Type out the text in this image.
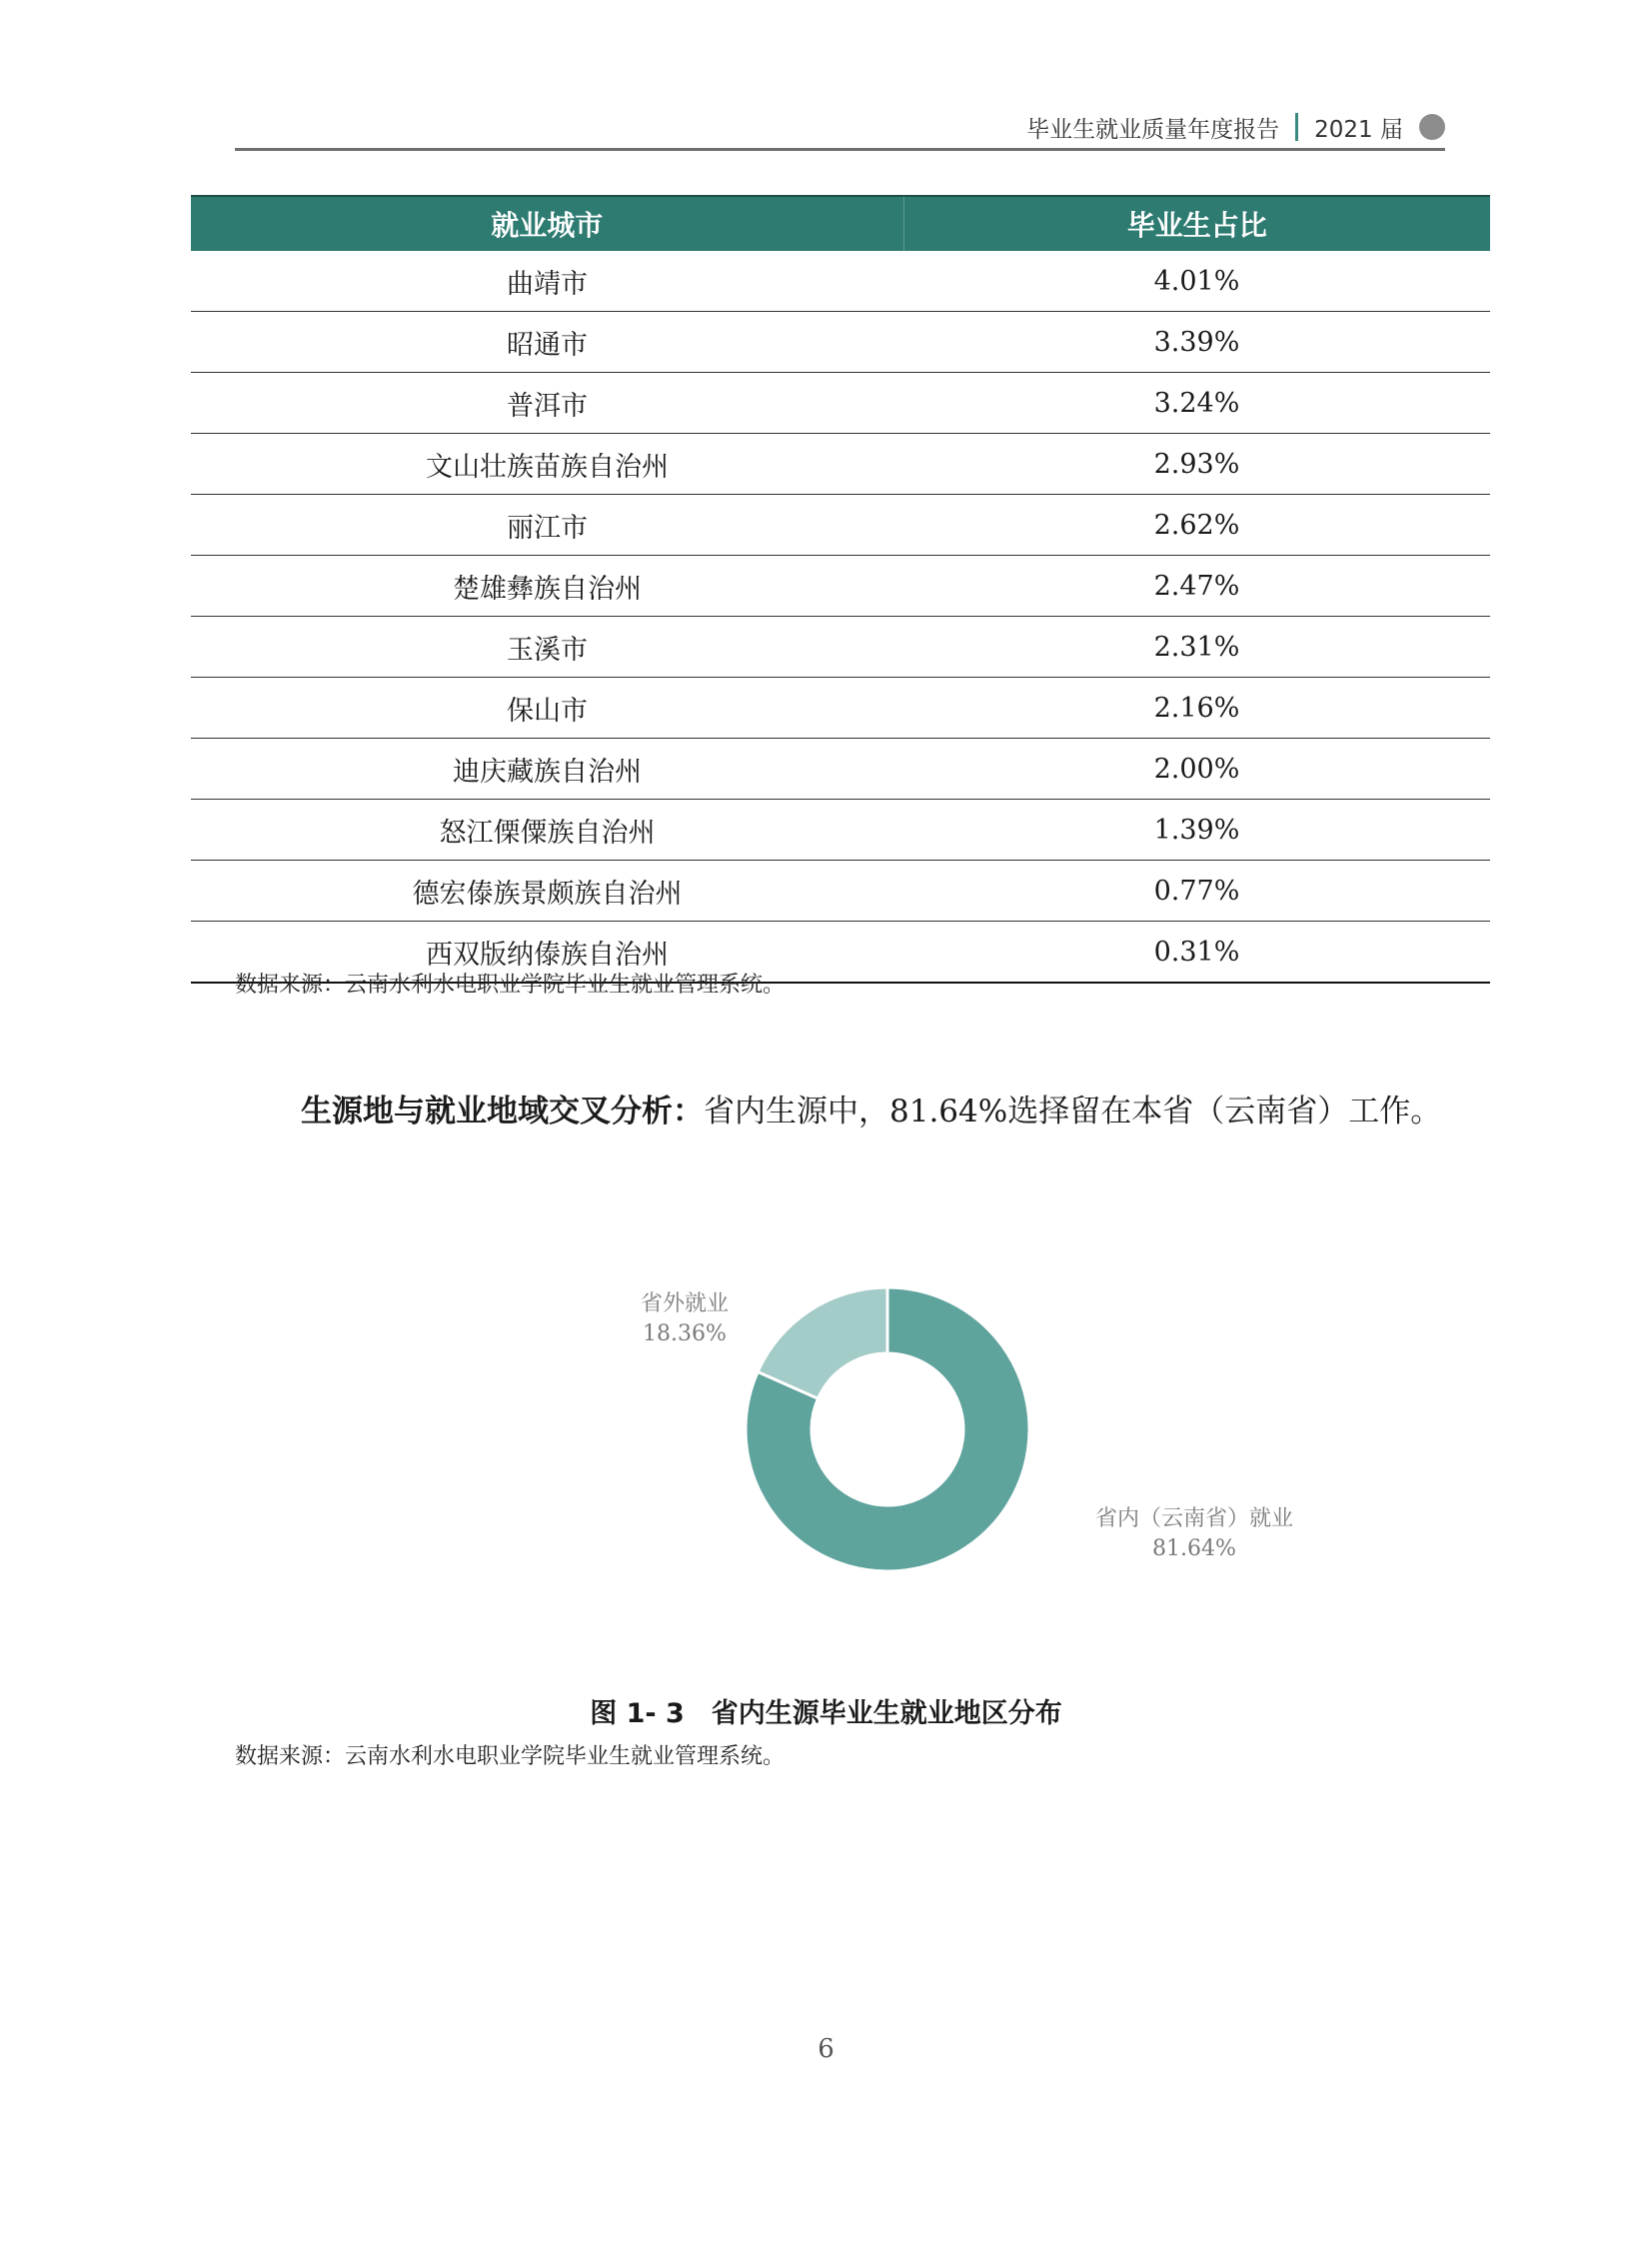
毕业生就业质量年度报告 2021 届
就业城市	毕业生占比
曲靖市	4.01%
昭通市	3.39%
普洱市	3.24%
文山壮族苗族自治州	2.93%
丽江市	2.62%
楚雄彝族自治州	2.47%
玉溪市	2.31%
保山市	2.16%
迪庆藏族自治州	2.00%
怒江傈僳族自治州	1.39%
德宏傣族景颇族自治州	0.77%
西双版纳傣族自治州	0.31%
数据来源：云南水利水电职业学院毕业生就业管理系统。
生源地与就业地域交叉分析：省内生源中，81.64%选择留在本省（云南省）工作。
省外就业
18.36%
省内（云南省）就业
81.64%
图 1- 3　省内生源毕业生就业地区分布
数据来源：云南水利水电职业学院毕业生就业管理系统。
6
